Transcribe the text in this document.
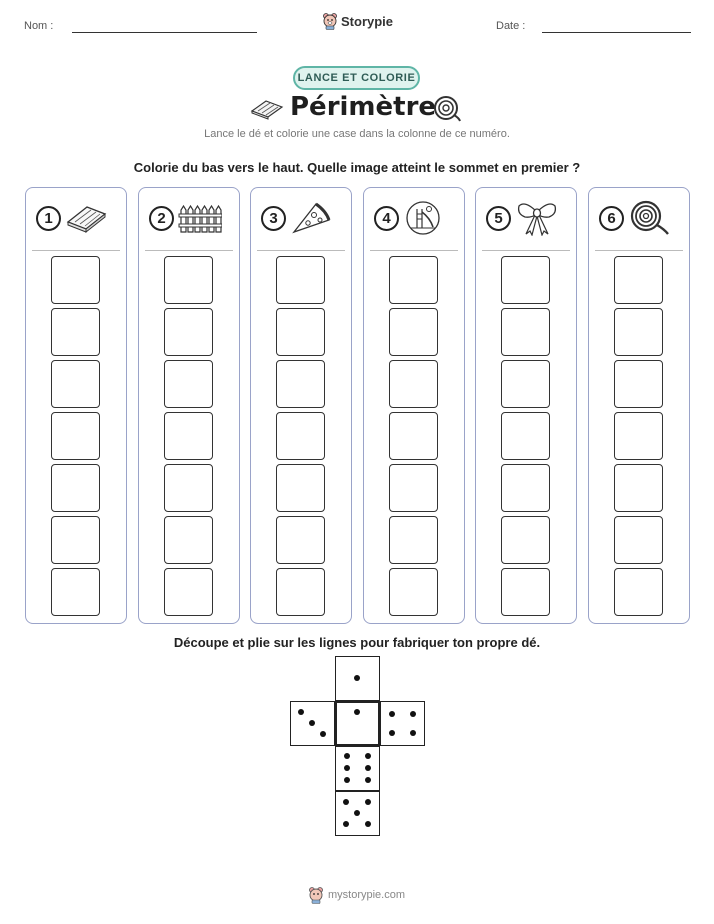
Nom :	Storypie	Date :
LANCE ET COLORIE
Périmètre
Lance le dé et colorie une case dans la colonne de ce numéro.
Colorie du bas vers le haut. Quelle image atteint le sommet en premier ?
1	2	3	4	5	6
Découpe et plie sur les lignes pour fabriquer ton propre dé.
mystorypie.com
